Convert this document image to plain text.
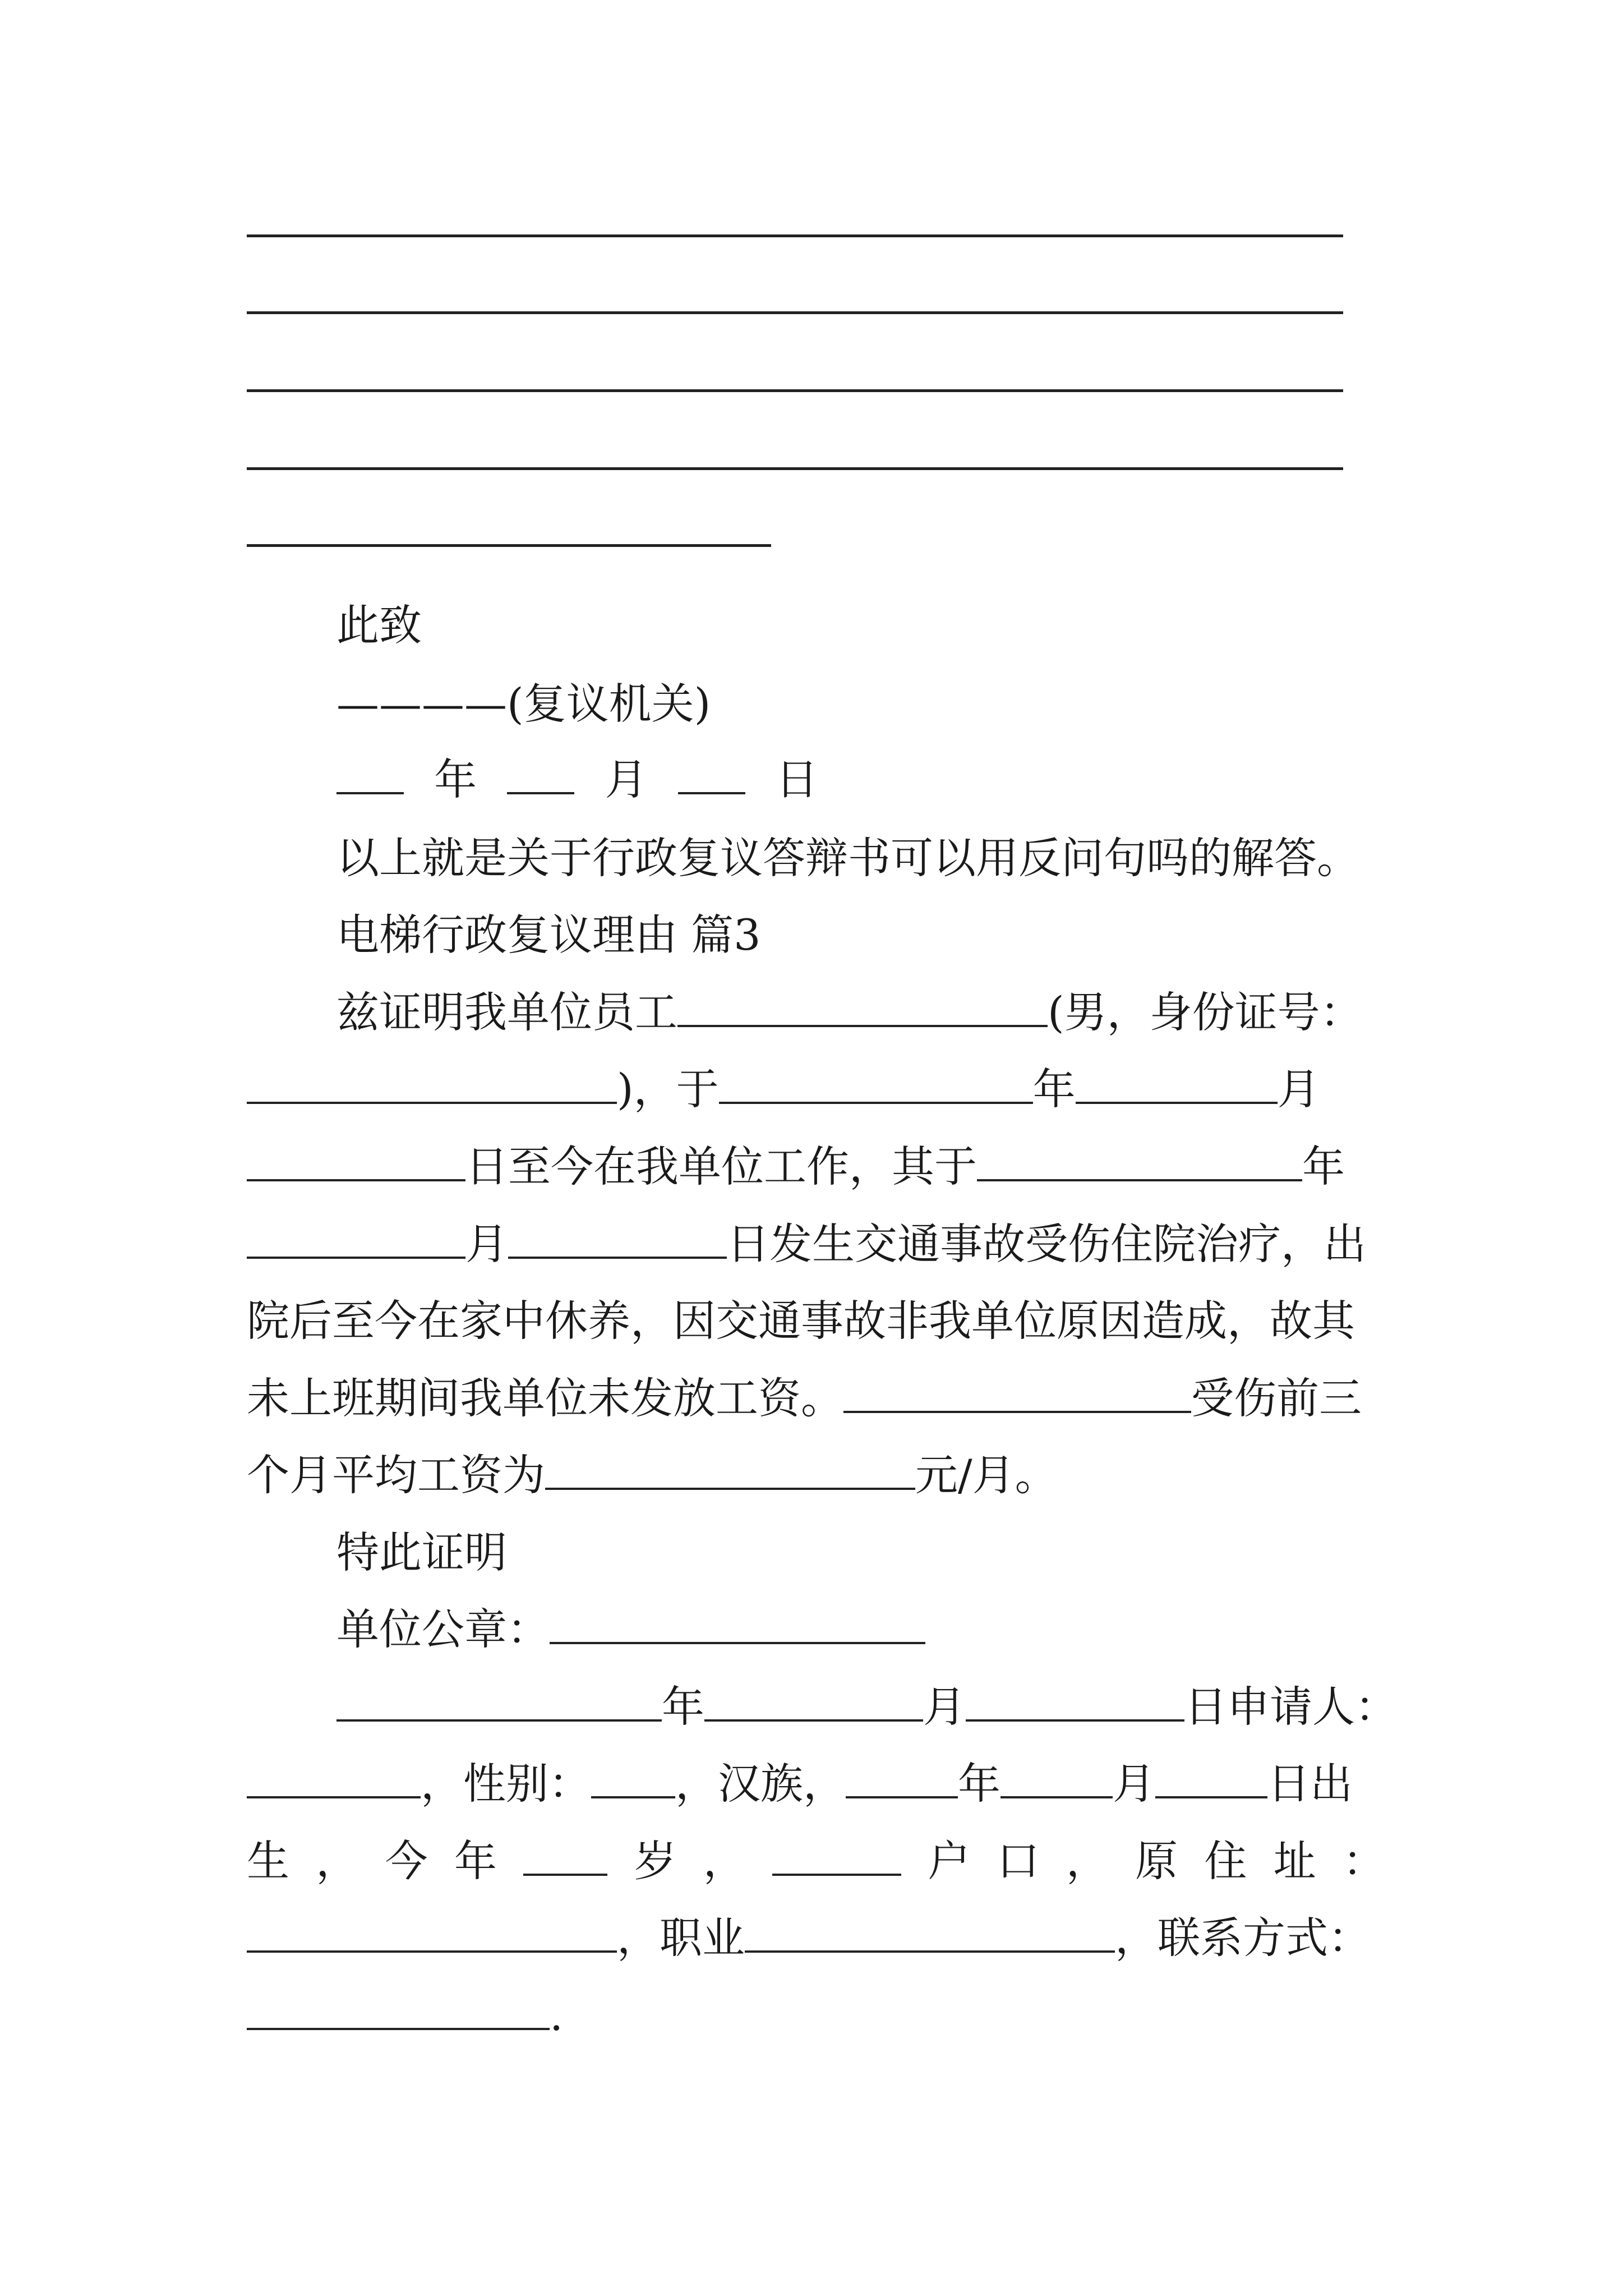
此致
————(复议机关)
年	月	日
以上就是关于行政复议答辩书可以用反问句吗的解答。
电梯行政复议理由 篇3
兹证明我单位员工	(男，身份证号：
)，于	年	月
日至今在我单位工作，其于	年
月	日发生交通事故受伤住院治疗，出
院后至今在家中休养，因交通事故非我单位原因造成，故其
未上班期间我单位未发放工资。	受伤前三
个月平均工资为	元/月。
特此证明
单位公章：
年	月	日申请人：
，性别： ，汉族，	年	月	日出
生 ， 今 年	岁 ，	户 口 ， 原 住 址 ：
，职业	，联系方式：
.
